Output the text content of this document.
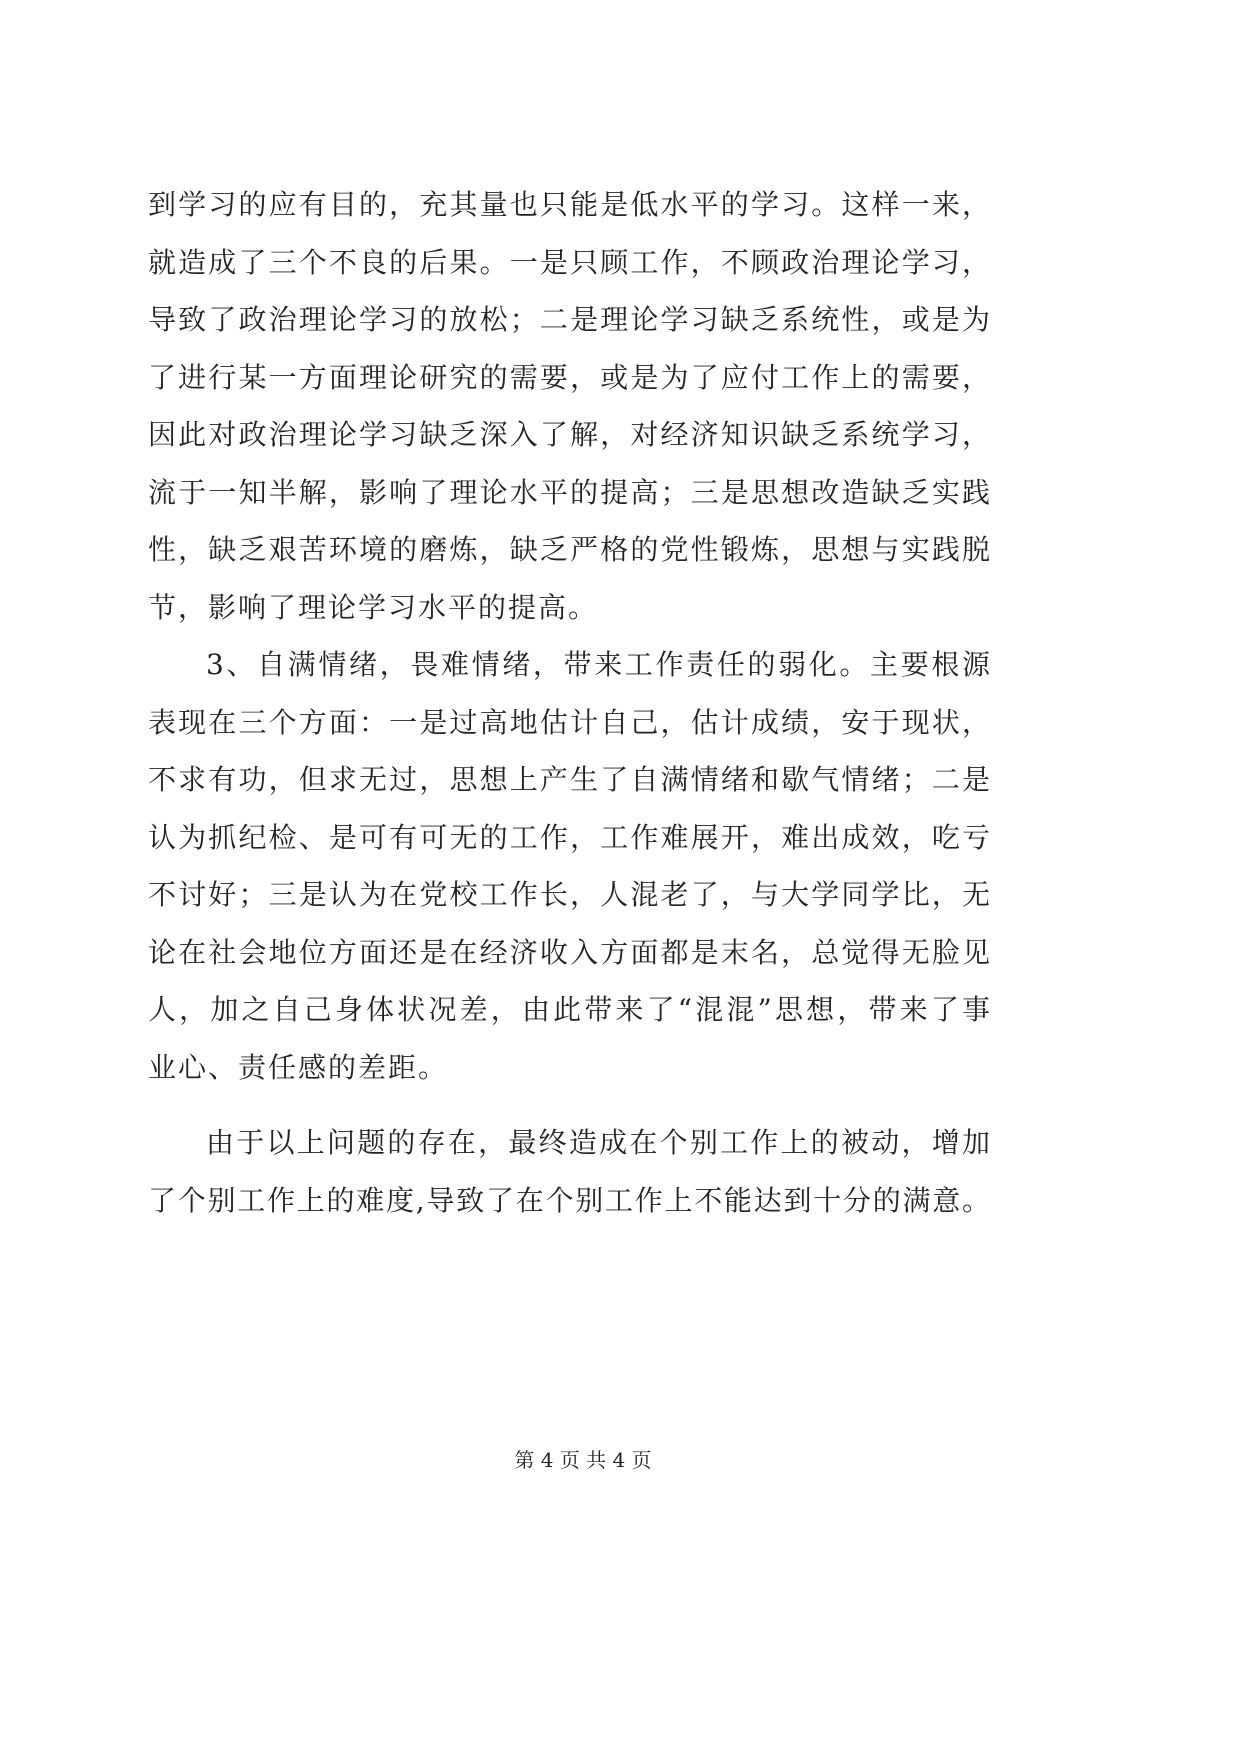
到学习的应有目的，充其量也只能是低水平的学习。这样一来，
就造成了三个不良的后果。一是只顾工作，不顾政治理论学习，
导致了政治理论学习的放松；二是理论学习缺乏系统性，或是为
了进行某一方面理论研究的需要，或是为了应付工作上的需要，
因此对政治理论学习缺乏深入了解，对经济知识缺乏系统学习，
流于一知半解，影响了理论水平的提高；三是思想改造缺乏实践
性，缺乏艰苦环境的磨炼，缺乏严格的党性锻炼，思想与实践脱
节，影响了理论学习水平的提高。
3、自满情绪，畏难情绪，带来工作责任的弱化。主要根源
表现在三个方面：一是过高地估计自己，估计成绩，安于现状，
不求有功，但求无过，思想上产生了自满情绪和歇气情绪；二是
认为抓纪检、是可有可无的工作，工作难展开，难出成效，吃亏
不讨好；三是认为在党校工作长，人混老了，与大学同学比，无
论在社会地位方面还是在经济收入方面都是末名，总觉得无脸见
人，加之自己身体状况差，由此带来了“混混”思想，带来了事
业心、责任感的差距。
由于以上问题的存在，最终造成在个别工作上的被动，增加
了个别工作上的难度,导致了在个别工作上不能达到十分的满意。
第 4 页 共 4 页
